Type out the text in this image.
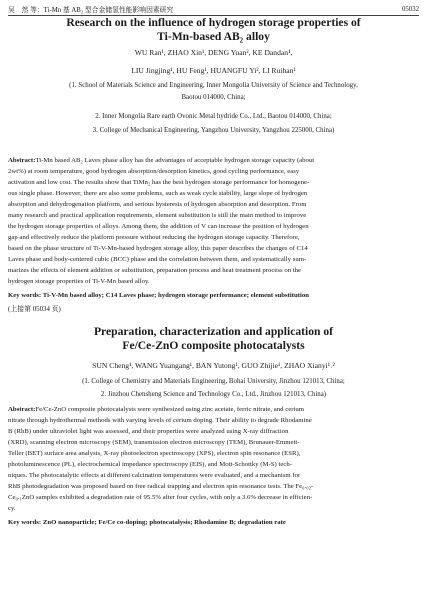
吴　然 等：Ti-Mn 基 AB₂ 型合金储氢性能影响因素研究	05032
Research on the influence of hydrogen storage properties of
Ti-Mn-based AB₂ alloy
WU Ran¹, ZHAO Xin¹, DENG Yuan², KE Dandan¹,
LIU Jingjing¹, HU Feng¹, HUANGFU Yi², LI Ruihan¹
(1. School of Materials Science and Engineering, Inner Mongolia University of Science and Technology,
Baotou 014000, China;
2. Inner Mongolia Rare earth Ovonic Metal hydride Co., Ltd., Baotou 014000, China;
3. College of Mechanical Engineering, Yangzhou University, Yangzhou 225000, China)
Abstract:Ti-Mn based AB₂ Laves phase alloy has the advantages of acceptable hydrogen storage capacity (about
2wt%) at room temperature, good hydrogen absorption/desorption kinetics, good cycling performance, easy
activation and low cost. The results show that TiMn₂ has the best hydrogen storage performance for homogene-
ous single phase. However, there are also some problems, such as weak cycle stability, large slope of hydrogen
absorption and dehydrogenation platform, and serious hysteresis of hydrogen absorption and desorption. From
many research and practical application requirements, element substitution is still the main method to improve
the hydrogen storage properties of alloys. Among them, the addition of V can increase the position of hydrogen
gap and effectively reduce the platform pressure without reducing the hydrogen storage capacity. Therefore,
based on the phase structure of Ti-V-Mn-based hydrogen storage alloy, this paper describes the changes of C14
Laves phase and body-centered cubic (BCC) phase and the correlation between them, and systematically sum-
marizes the effects of element addition or substitution, preparation process and heat treatment process on the
hydrogen storage properties of Ti-V-Mn based alloy.
Key words: Ti-V-Mn based alloy; C14 Laves phase; hydrogen storage performance; element substitution
(上接第 05034 页)
Preparation, characterization and application of
Fe/Ce-ZnO composite photocatalysts
SUN Cheng¹, WANG Yuangang¹, BAN Yutong¹, GUO Zhijie¹, ZHAO Xianyi¹˒²
(1. College of Chemistry and Materials Engineering, Bohai University, Jinzhou 121013, China;
2. Jinzhou Chensheng Science and Technology Co., Ltd., Jinzhou 121013, China)
Abstract:Fe/Ce-ZnO composite photocatalysts were synthesized using zinc acetate, ferric nitrate, and cerium
nitrate through hydrothermal methods with varying levels of cerium doping. Their ability to degrade Rhodamine
B (RhB) under ultraviolet light was assessed, and their properties were analyzed using X-ray diffraction
(XRD), scanning electron microscopy (SEM), transmission electron microscopy (TEM), Brunauer-Emmett-
Teller (BET) surface area analysis, X-ray photoelectron spectroscopy (XPS), electron spin resonance (ESR),
photoluminescence (PL), electrochemical impedance spectroscopy (EIS), and Mott-Schottky (M-S) tech-
niques. The photocatalytic effects at different calcination temperatures were evaluated, and a mechanism for
RhB photodegradation was proposed based on free radical trapping and electron spin resonance tests. The Fe₀.₀₂-
Ce₀.₁ZnO samples exhibited a degradation rate of 95.5% after four cycles, with only a 3.6% decrease in efficien-
cy.
Key words: ZnO nanoparticle; Fe/Ce co-doping; photocatalysis; Rhodamine B; degradation rate
